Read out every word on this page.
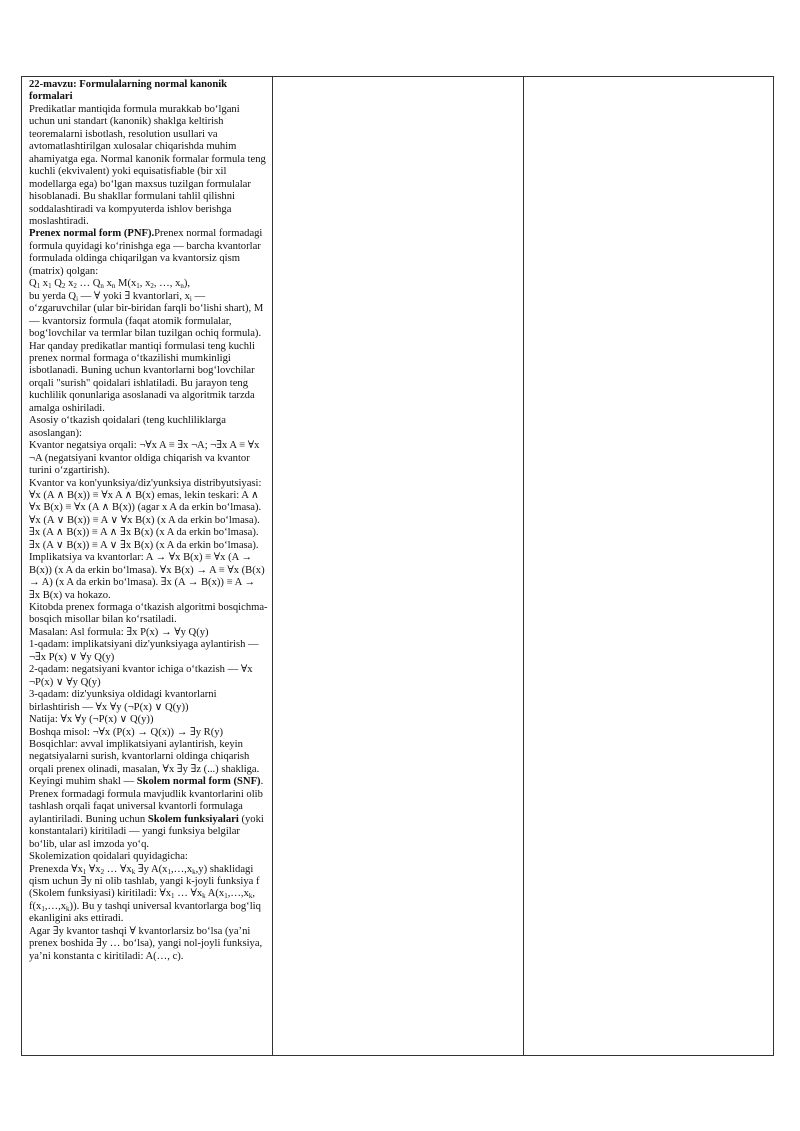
22-mavzu: Formulalarning normal kanonik formalari

Predikatlar mantiqida formula murakkab bo‘lgani uchun uni standart (kanonik) shaklga keltirish teoremalarni isbotlash, resolution usullari va avtomatlashtirilgan xulosalar chiqarishda muhim ahamiyatga ega. Normal kanonik formalar formula teng kuchli (ekvivalent) yoki equisatisfiable (bir xil modellarga ega) bo‘lgan maxsus tuzilgan formulalar hisoblanadi. Bu shakllar formulani tahlil qilishni soddalashtiradi va kompyuterda ishlov berishga moslashtiradi.

Prenex normal form (PNF).Prenex normal formadagi formula quyidagi ko‘rinishga ega — barcha kvantorlar formulada oldinga chiqarilgan va kvantorsiz qism (matrix) qolgan:

$Q_1$ $x_1$ $Q_2$ $x_2$ … $Q_n$ $x_n$ $M(x_1$, $x_2$, …, $x_n$),

bu yerda $Q_i$ — ∀ yoki ∃ kvantorlari, $x_i$ — o‘zgaruvchilar (ular bir-biridan farqli bo‘lishi shart), M — kvantorsiz formula (faqat atomik formulalar, bog‘lovchilar va termlar bilan tuzilgan ochiq formula).

Har qanday predikatlar mantiqi formulasi teng kuchli prenex normal formaga o‘tkazilishi mumkinligi isbotlanadi. Buning uchun kvantorlarni bog‘lovchilar orqali "surish" qoidalari ishlatiladi. Bu jarayon teng kuchlilik qonunlariga asoslanadi va algoritmik tarzda amalga oshiriladi.

Asosiy o‘tkazish qoidalari (teng kuchliliklarga asoslangan):

Kvantor negatsiya orqali: ¬∀x A ≡ ∃x ¬A; ¬∃x A ≡ ∀x ¬A (negatsiyani kvantor oldiga chiqarish va kvantor turini o‘zgartirish).

Kvantor va kon'yunksiya/diz'yunksiya distribyutsiyasi: ∀x (A ∧ B(x)) ≡ ∀x A ∧ B(x) emas, lekin teskari: A ∧ ∀x B(x) ≡ ∀x (A ∧ B(x)) (agar x A da erkin bo‘lmasa). ∀x (A ∨ B(x)) ≡ A ∨ ∀x B(x) (x A da erkin bo‘lmasa). ∃x (A ∧ B(x)) ≡ A ∧ ∃x B(x) (x A da erkin bo‘lmasa). ∃x (A ∨ B(x)) ≡ A ∨ ∃x B(x) (x A da erkin bo‘lmasa).

Implikatsiya va kvantorlar: A → ∀x B(x) ≡ ∀x (A → B(x)) (x A da erkin bo‘lmasa). ∀x B(x) → A ≡ ∀x (B(x) → A) (x A da erkin bo‘lmasa). ∃x (A → B(x)) ≡ A → ∃x B(x) va hokazo.

Kitobda prenex formaga o‘tkazish algoritmi bosqichma-bosqich misollar bilan ko‘rsatiladi.

Masalan: Asl formula: ∃x P(x) → ∀y Q(y)

1-qadam: implikatsiyani diz'yunksiyaga aylantirish — ¬∃x P(x) ∨ ∀y Q(y)

2-qadam: negatsiyani kvantor ichiga o‘tkazish — ∀x ¬P(x) ∨ ∀y Q(y)

3-qadam: diz'yunksiya oldidagi kvantorlarni birlashtirish — ∀x ∀y (¬P(x) ∨ Q(y))

Natija: ∀x ∀y (¬P(x) ∨ Q(y))

Boshqa misol: ¬∀x (P(x) → Q(x)) → ∃y R(y)

Bosqichlar: avval implikatsiyani aylantirish, keyin negatsiyalarni surish, kvantorlarni oldinga chiqarish orqali prenex olinadi, masalan, ∀x ∃y ∃z (...) shakliga.

Keyingi muhim shakl — Skolem normal form (SNF). Prenex formadagi formula mavjudlik kvantorlarini olib tashlash orqali faqat universal kvantorli formulaga aylantiriladi. Buning uchun Skolem funksiyalari (yoki konstantalari) kiritiladi — yangi funksiya belgilar bo‘lib, ular asl imzoda yo‘q.

Skolemization qoidalari quyidagicha:

Prenexda $\forall x_1$ $\forall x_2$ … $\forall x_k$ ∃y $A(x_1,\dots,x_k,y)$ shaklidagi qism uchun ∃y ni olib tashlab, yangi k-joyli funksiya f (Skolem funksiyasi) kiritiladi: $\forall x_1$ … $\forall x_k$ $A(x_1,\dots,x_k$, $f(x_1,\dots,x_k)$). Bu y tashqi universal kvantorlarga bog‘liq ekanligini aks ettiradi.

Agar ∃y kvantor tashqi ∀ kvantorlarsiz bo‘lsa (ya’ni prenex boshida ∃y … bo‘lsa), yangi nol-joyli funksiya, ya’ni konstanta c kiritiladi: A(…, c).
